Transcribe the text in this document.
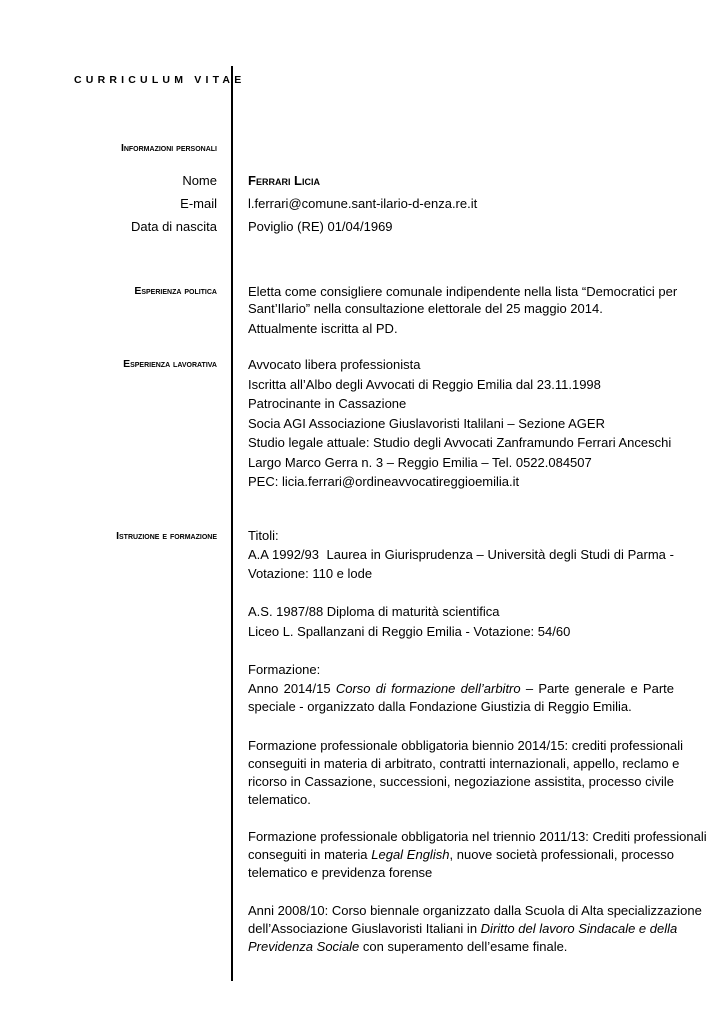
CURRICULUM VITAE
Informazioni personali
Nome Ferrari Licia
E-mail l.ferrari@comune.sant-ilario-d-enza.re.it
Data di nascita Poviglio (RE) 01/04/1969
Esperienza politica Eletta come consigliere comunale indipendente nella lista “Democratici per
Sant’Ilario” nella consultazione elettorale del 25 maggio 2014.
Attualmente iscritta al PD.
Esperienza lavorativa Avvocato libera professionista
Iscritta all’Albo degli Avvocati di Reggio Emilia dal 23.11.1998
Patrocinante in Cassazione
Socia AGI Associazione Giuslavoristi Italilani – Sezione AGER
Studio legale attuale: Studio degli Avvocati Zanframundo Ferrari Anceschi
Largo Marco Gerra n. 3 – Reggio Emilia – Tel. 0522.084507
PEC: licia.ferrari@ordineavvocatireggioemilia.it
Istruzione e formazione Titoli:
A.A 1992/93  Laurea in Giurisprudenza – Università degli Studi di Parma -
Votazione: 110 e lode
A.S. 1987/88 Diploma di maturità scientifica
Liceo L. Spallanzani di Reggio Emilia - Votazione: 54/60
Formazione:
Anno 2014/15 Corso di formazione dell’arbitro – Parte generale e Parte
speciale - organizzato dalla Fondazione Giustizia di Reggio Emilia.
Formazione professionale obbligatoria biennio 2014/15: crediti professionali
conseguiti in materia di arbitrato, contratti internazionali, appello, reclamo e
ricorso in Cassazione, successioni, negoziazione assistita, processo civile
telematico.
Formazione professionale obbligatoria nel triennio 2011/13: Crediti professionali
conseguiti in materia Legal English, nuove società professionali, processo
telematico e previdenza forense
Anni 2008/10: Corso biennale organizzato dalla Scuola di Alta specializzazione
dell’Associazione Giuslavoristi Italiani in Diritto del lavoro Sindacale e della
Previdenza Sociale con superamento dell’esame finale.
